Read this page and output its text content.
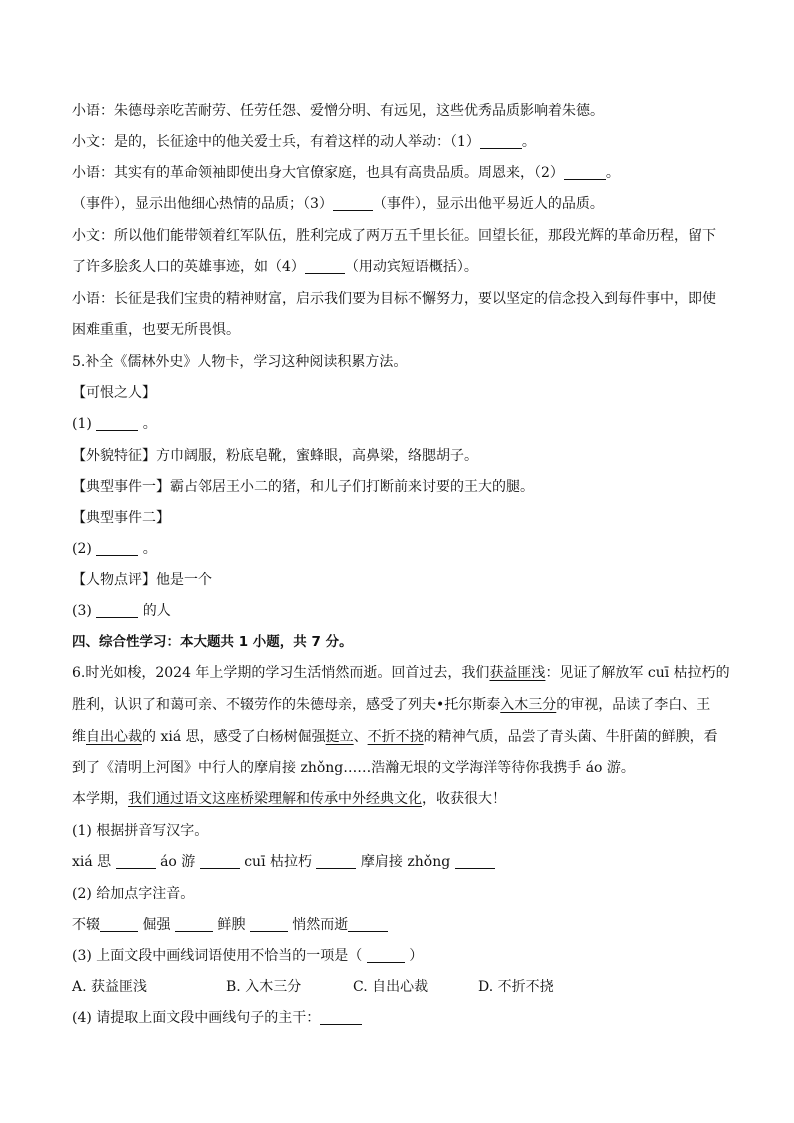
小语：朱德母亲吃苦耐劳、任劳任怨、爱憎分明、有远见，这些优秀品质影响着朱德。
小文：是的，长征途中的他关爱士兵，有着这样的动人举动：（1）	。
小语：其实有的革命领袖即使出身大官僚家庭，也具有高贵品质。周恩来，（2）	。
（事件），显示出他细心热情的品质；（3）	（事件），显示出他平易近人的品质。
小文：所以他们能带领着红军队伍，胜利完成了两万五千里长征。回望长征，那段光辉的革命历程，留下
了许多脍炙人口的英雄事迹，如（4）	（用动宾短语概括）。
小语：长征是我们宝贵的精神财富，启示我们要为目标不懈努力，要以坚定的信念投入到每件事中，即使
困难重重，也要无所畏惧。
5.补全《儒林外史》人物卡，学习这种阅读积累方法。
【可恨之人】
(1)	。
【外貌特征】方巾阔服，粉底皂靴，蜜蜂眼，高鼻梁，络腮胡子。
【典型事件一】霸占邻居王小二的猪，和儿子们打断前来讨要的王大的腿。
【典型事件二】
(2)	。
【人物点评】他是一个
(3)	的人
四、综合性学习：本大题共 1 小题，共 7 分。
6.时光如梭，2024 年上学期的学习生活悄然而逝。回首过去，我们获益匪浅：见证了解放军 cuī 枯拉朽的
胜利，认识了和蔼可亲、不辍劳作的朱德母亲，感受了列夫•托尔斯泰入木三分的审视，品读了李白、王
维自出心裁的 xiá 思，感受了白杨树倔强挺立、不折不挠的精神气质，品尝了青头菌、牛肝菌的鲜腴，看
到了《清明上河图》中行人的摩肩接 zhǒng……浩瀚无垠的文学海洋等待你我携手 áo 游。
本学期，我们通过语文这座桥梁理解和传承中外经典文化，收获很大！
(1) 根据拼音写汉字。
xiá 思	áo 游	cuī 枯拉朽	摩肩接 zhǒng
(2) 给加点字注音。
不辍	倔强	鲜腴	悄然而逝
(3) 上面文段中画线词语使用不恰当的一项是（	）
A. 获益匪浅	B. 入木三分	C. 自出心裁	D. 不折不挠
(4) 请提取上面文段中画线句子的主干：
